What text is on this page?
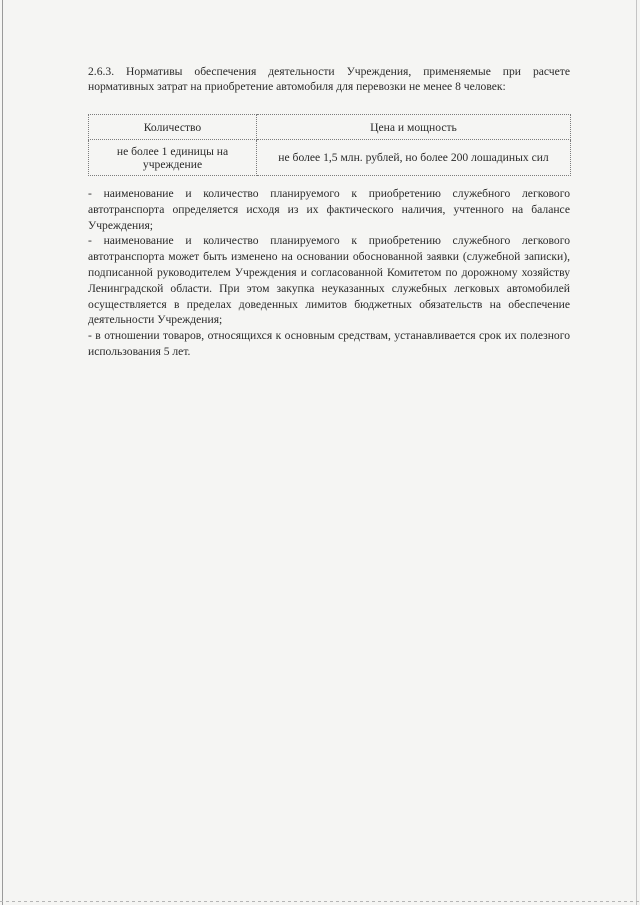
2.6.3. Нормативы обеспечения деятельности Учреждения, применяемые при расчете нормативных затрат на приобретение автомобиля для перевозки не менее 8 человек:

Количество	Цена и мощность
не более 1 единицы на учреждение	не более 1,5 млн. рублей, но более 200 лошадиных сил

- наименование и количество планируемого к приобретению служебного легкового автотранспорта определяется исходя из их фактического наличия, учтенного на балансе Учреждения;

- наименование и количество планируемого к приобретению служебного легкового автотранспорта может быть изменено на основании обоснованной заявки (служебной записки), подписанной руководителем Учреждения и согласованной Комитетом по дорожному хозяйству Ленинградской области. При этом закупка неуказанных служебных легковых автомобилей осуществляется в пределах доведенных лимитов бюджетных обязательств на обеспечение деятельности Учреждения;

- в отношении товаров, относящихся к основным средствам, устанавливается срок их полезного использования 5 лет.
